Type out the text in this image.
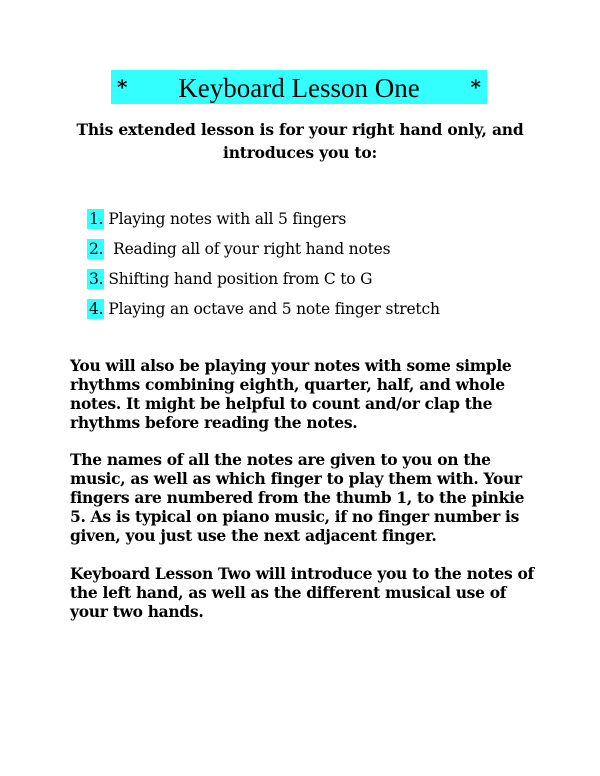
* Keyboard Lesson One	*
This extended lesson is for your right hand only, and introduces you to:
1. Playing notes with all 5 fingers
2. Reading all of your right hand notes
3. Shifting hand position from C to G
4. Playing an octave and 5 note finger stretch
You will also be playing your notes with some simple rhythms combining eighth, quarter, half, and whole notes. It might be helpful to count and/or clap the rhythms before reading the notes.
The names of all the notes are given to you on the music, as well as which finger to play them with. Your fingers are numbered from the thumb 1, to the pinkie 5. As is typical on piano music, if no finger number is given, you just use the next adjacent finger.
Keyboard Lesson Two will introduce you to the notes of the left hand, as well as the different musical use of your two hands.
